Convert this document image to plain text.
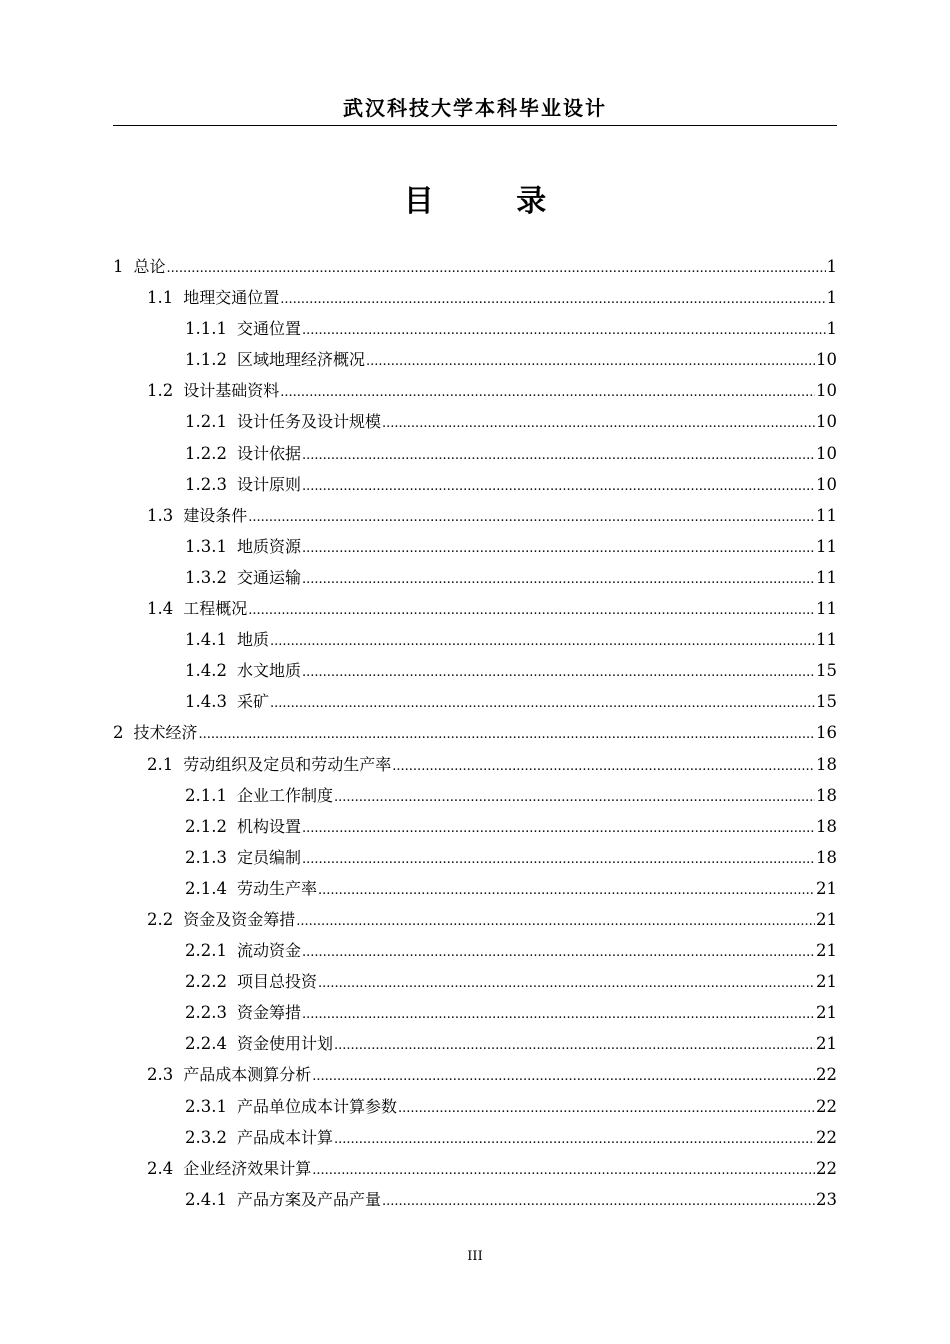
武汉科技大学本科毕业设计
目 录
1 总论 .....	1
1.1 地理交通位置 .....	1
1.1.1 交通位置 .....	1
1.1.2 区域地理经济概况 .....	10
1.2 设计基础资料 .....	10
1.2.1 设计任务及设计规模 .....	10
1.2.2 设计依据 .....	10
1.2.3 设计原则 .....	10
1.3 建设条件 .....	11
1.3.1 地质资源 .....	11
1.3.2 交通运输 .....	11
1.4 工程概况 .....	11
1.4.1 地质 .....	11
1.4.2 水文地质 .....	15
1.4.3 采矿 .....	15
2 技术经济 .....	16
2.1 劳动组织及定员和劳动生产率 .....	18
2.1.1 企业工作制度 .....	18
2.1.2 机构设置 .....	18
2.1.3 定员编制 .....	18
2.1.4 劳动生产率 .....	21
2.2 资金及资金筹措 .....	21
2.2.1 流动资金 .....	21
2.2.2 项目总投资 .....	21
2.2.3 资金筹措 .....	21
2.2.4 资金使用计划 .....	21
2.3 产品成本测算分析 .....	22
2.3.1 产品单位成本计算参数 .....	22
2.3.2 产品成本计算 .....	22
2.4 企业经济效果计算 .....	22
2.4.1 产品方案及产品产量 .....	23
III
